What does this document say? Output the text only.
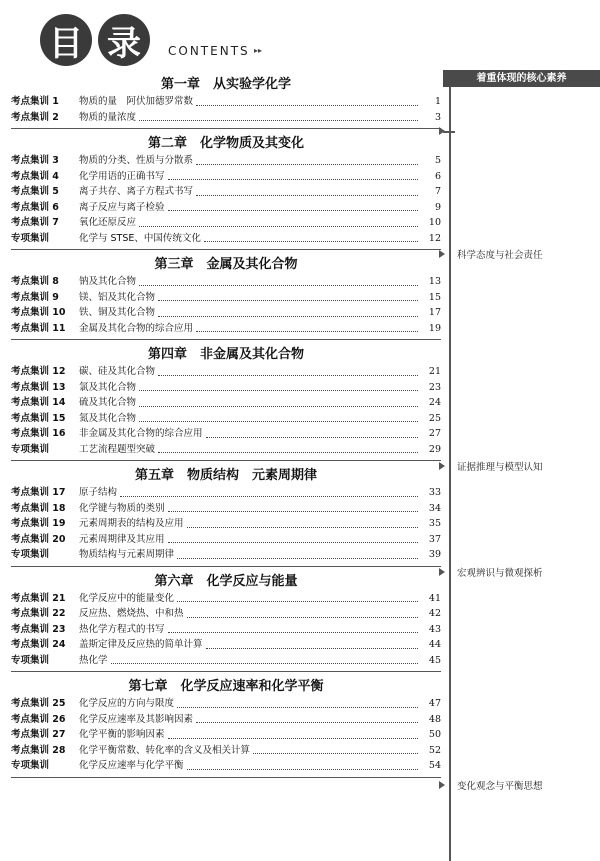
目 录	CONTENTS ▸▸
第一章　从实验学化学
考点集训 1	物质的量　阿伏加德罗常数	1
考点集训 2	物质的量浓度	3
第二章　化学物质及其变化
考点集训 3	物质的分类、性质与分散系	5
考点集训 4	化学用语的正确书写	6
考点集训 5	离子共存、离子方程式书写	7
考点集训 6	离子反应与离子检验	9
考点集训 7	氧化还原反应	10
专项集训	化学与 STSE、中国传统文化	12
第三章　金属及其化合物
考点集训 8	钠及其化合物	13
考点集训 9	镁、铝及其化合物	15
考点集训 10	铁、铜及其化合物	17
考点集训 11	金属及其化合物的综合应用	19
第四章　非金属及其化合物
考点集训 12	碳、硅及其化合物	21
考点集训 13	氯及其化合物	23
考点集训 14	硫及其化合物	24
考点集训 15	氮及其化合物	25
考点集训 16	非金属及其化合物的综合应用	27
专项集训	工艺流程题型突破	29
第五章　物质结构　元素周期律
考点集训 17	原子结构	33
考点集训 18	化学键与物质的类别	34
考点集训 19	元素周期表的结构及应用	35
考点集训 20	元素周期律及其应用	37
专项集训	物质结构与元素周期律	39
第六章　化学反应与能量
考点集训 21	化学反应中的能量变化	41
考点集训 22	反应热、燃烧热、中和热	42
考点集训 23	热化学方程式的书写	43
考点集训 24	盖斯定律及反应热的简单计算	44
专项集训	热化学	45
第七章　化学反应速率和化学平衡
考点集训 25	化学反应的方向与限度	47
考点集训 26	化学反应速率及其影响因素	48
考点集训 27	化学平衡的影响因素	50
考点集训 28	化学平衡常数、转化率的含义及相关计算	52
专项集训	化学反应速率与化学平衡	54
着重体现的核心素养
科学态度与社会责任
证据推理与模型认知
宏观辨识与微观探析
变化观念与平衡思想
